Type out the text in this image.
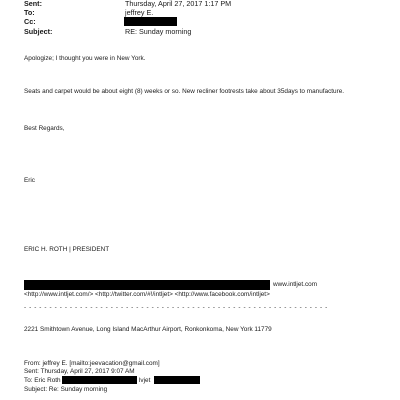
Sent:	Thursday, April 27, 2017 1:17 PM
To:	jeffrey E.
Cc:
Subject:	RE: Sunday morning
Apologize; I thought you were in New York.
Seats and carpet would be about eight (8) weeks or so. New recliner footrests take about 35days to manufacture.
Best Regards,
Eric
ERIC H. ROTH | PRESIDENT
www.intljet.com
<http://www.intljet.com/> <http://twitter.com/#!/intljet> <http://www.facebook.com/intljet>
- - - - - - - - - - - - - - - - - - - - - - - - - - - - - - - - - - - - - - - - - - - - - - - - - - - - - - - - - - - -
2221 Smithtown Avenue, Long Island MacArthur Airport, Ronkonkoma, New York 11779
From: jeffrey E. [mailto:jeevacation@gmail.com]
Sent: Thursday, April 27, 2017 9:07 AM
To: Eric Roth	lvjet
Subject: Re: Sunday morning
